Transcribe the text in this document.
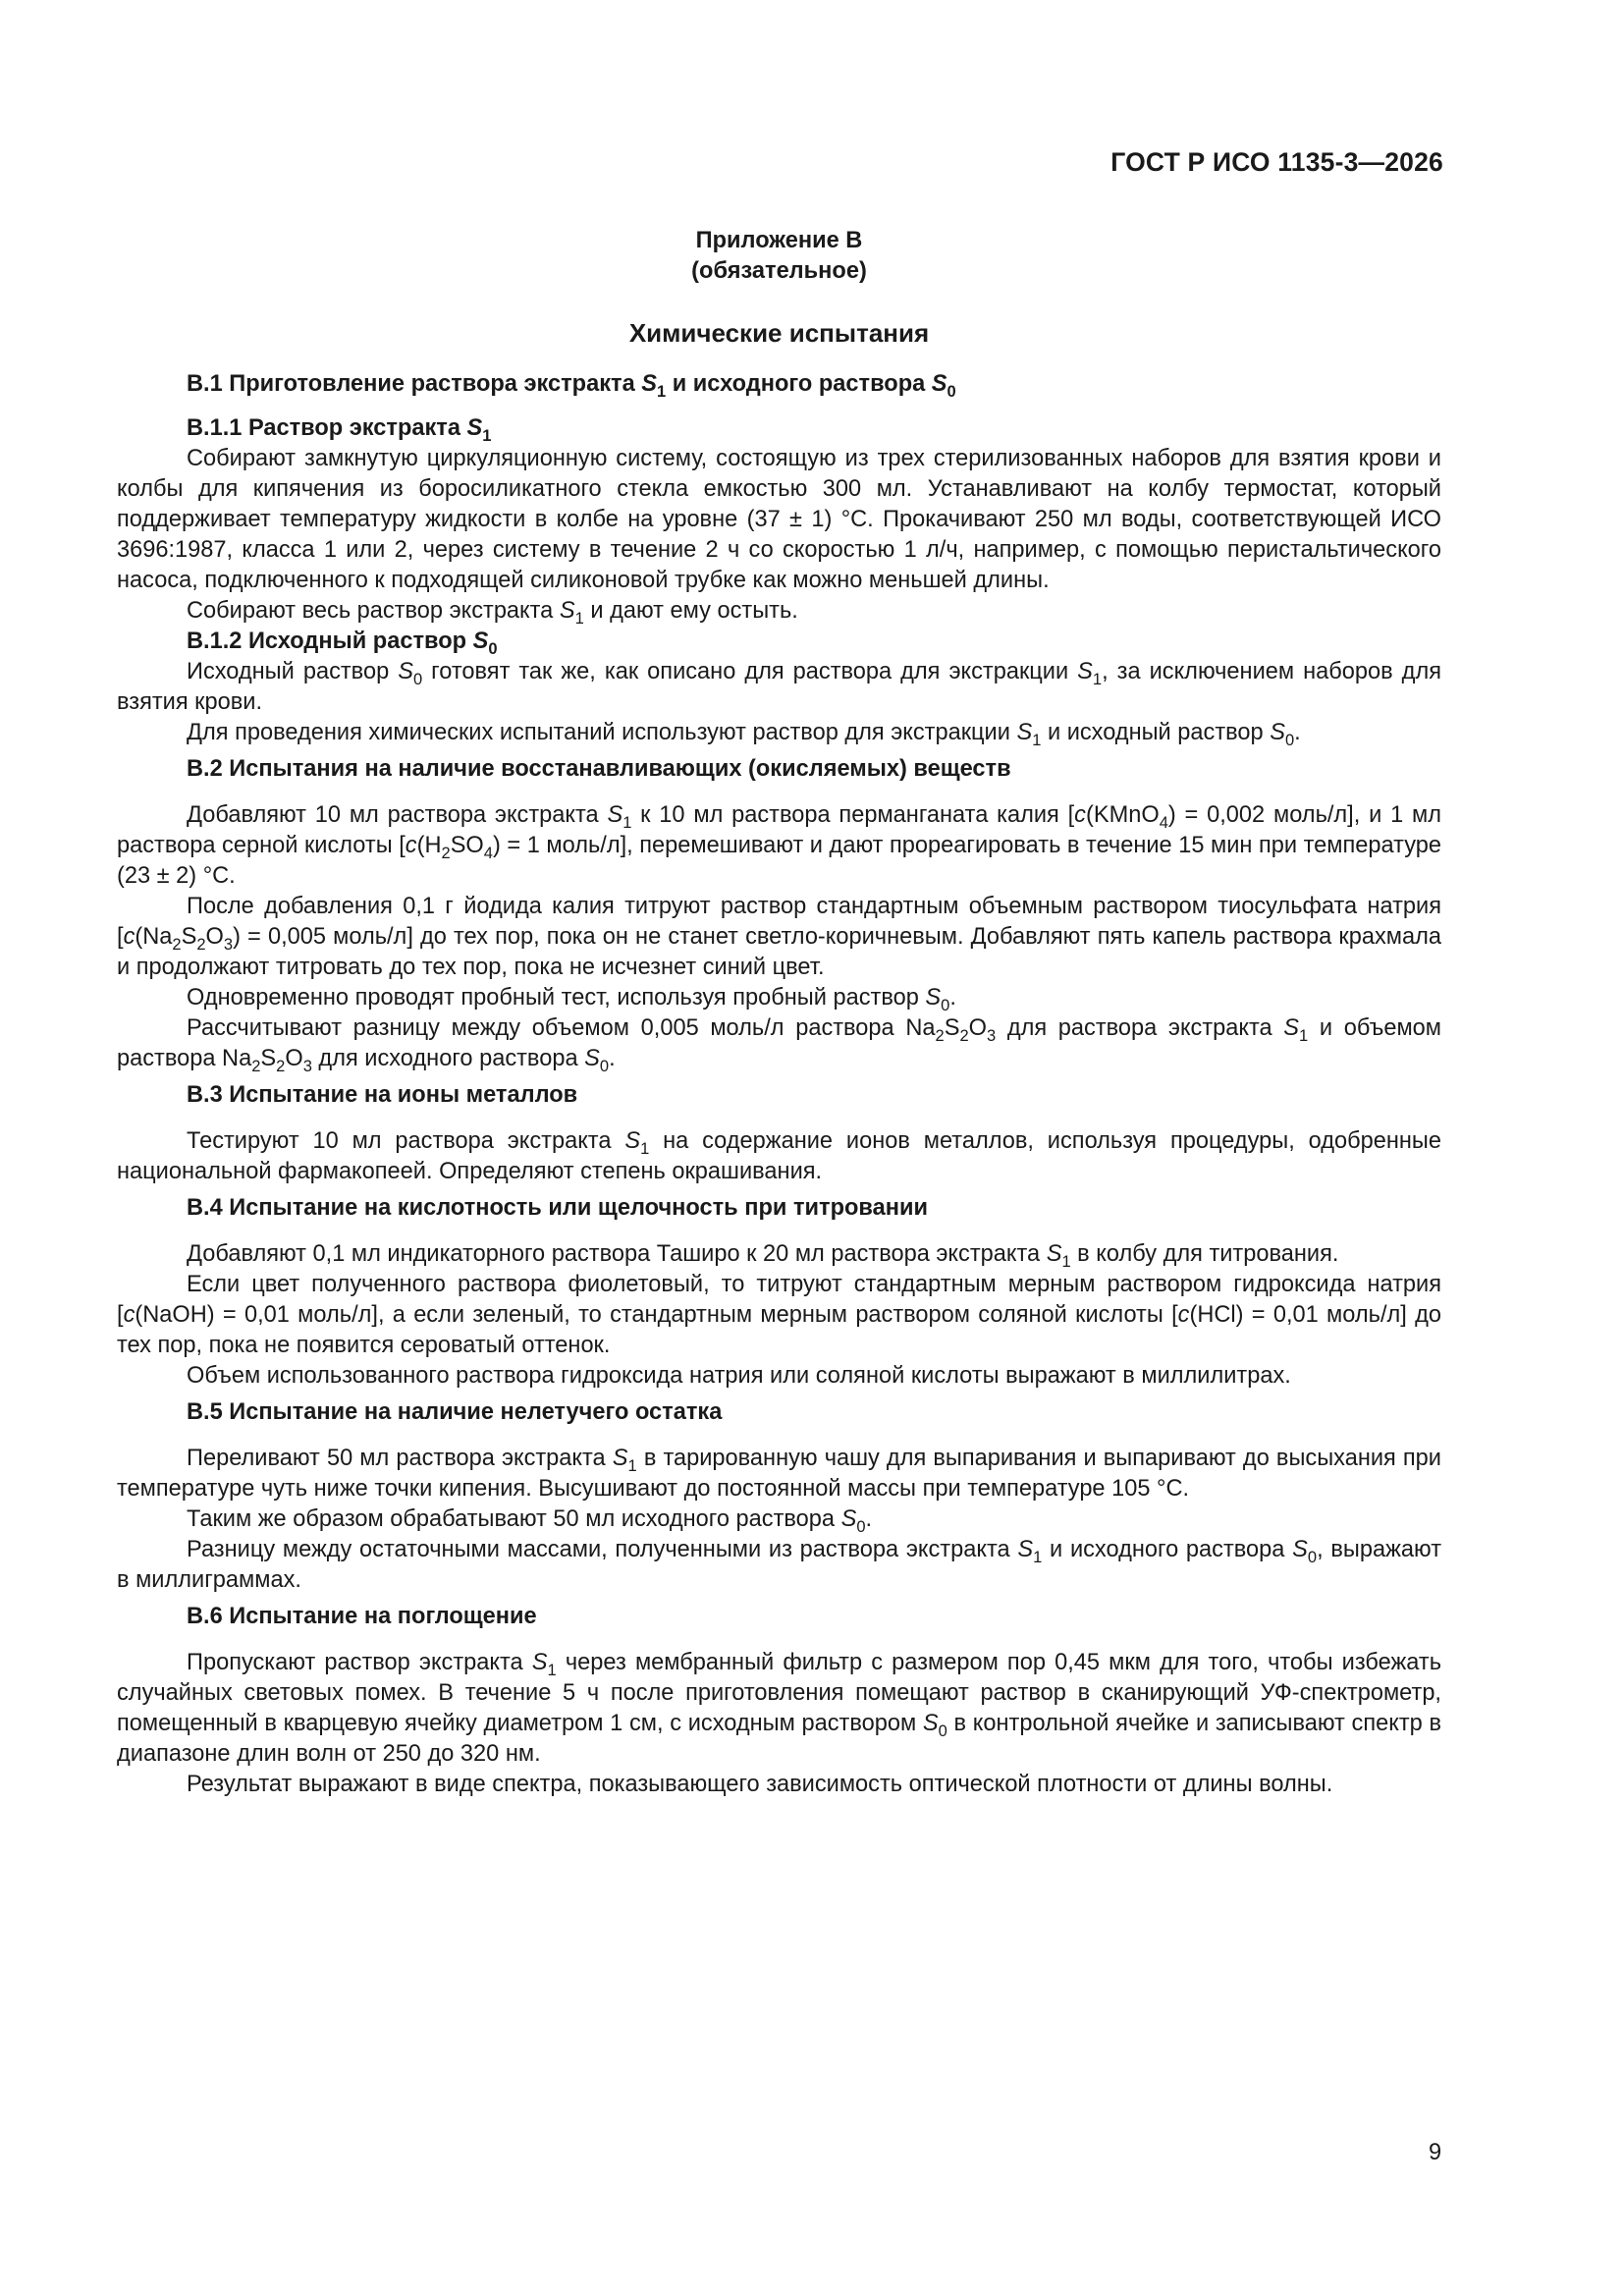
ГОСТ Р ИСО 1135-3—2026
Приложение В
(обязательное)
Химические испытания
В.1 Приготовление раствора экстракта $S_1$ и исходного раствора $S_0$
В.1.1 Раствор экстракта $S_1$

Собирают замкнутую циркуляционную систему, состоящую из трех стерилизованных наборов для взятия крови и колбы для кипячения из боросиликатного стекла емкостью 300 мл. Устанавливают на колбу термостат, который поддерживает температуру жидкости в колбе на уровне (37 ± 1) °С. Прокачивают 250 мл воды, соответствующей ИСО 3696:1987, класса 1 или 2, через систему в течение 2 ч со скоростью 1 л/ч, например, с помощью перистальтического насоса, подключенного к подходящей силиконовой трубке как можно меньшей длины.

Собирают весь раствор экстракта $S_1$ и дают ему остыть.

В.1.2 Исходный раствор $S_0$

Исходный раствор $S_0$ готовят так же, как описано для раствора для экстракции $S_1$, за исключением наборов для взятия крови.

Для проведения химических испытаний используют раствор для экстракции $S_1$ и исходный раствор $S_0$.

В.2 Испытания на наличие восстанавливающих (окисляемых) веществ

Добавляют 10 мл раствора экстракта $S_1$ к 10 мл раствора перманганата калия [c(KMnO$_4$) = 0,002 моль/л], и 1 мл раствора серной кислоты [$c(H_2SO_4) = 1$ моль/л], перемешивают и дают прореагировать в течение 15 мин при температуре (23 ± 2) °С.

После добавления 0,1 г йодида калия титруют раствор стандартным объемным раствором тиосульфата натрия [$c(Na_2S_2O_3) = 0,005$ моль/л] до тех пор, пока он не станет светло-коричневым. Добавляют пять капель раствора крахмала и продолжают титровать до тех пор, пока не исчезнет синий цвет.

Одновременно проводят пробный тест, используя пробный раствор $S_0$.

Рассчитывают разницу между объемом 0,005 моль/л раствора $Na_2S_2O_3$ для раствора экстракта $S_1$ и объемом раствора $Na_2S_2O_3$ для исходного раствора $S_0$.

В.3 Испытание на ионы металлов

Тестируют 10 мл раствора экстракта $S_1$ на содержание ионов металлов, используя процедуры, одобренные национальной фармакопеей. Определяют степень окрашивания.

В.4 Испытание на кислотность или щелочность при титровании

Добавляют 0,1 мл индикаторного раствора Таширо к 20 мл раствора экстракта $S_1$ в колбу для титрования.

Если цвет полученного раствора фиолетовый, то титруют стандартным мерным раствором гидроксида натрия [c(NaOH) = 0,01 моль/л], а если зеленый, то стандартным мерным раствором соляной кислоты [c(HCl) = 0,01 моль/л] до тех пор, пока не появится сероватый оттенок.

Объем использованного раствора гидроксида натрия или соляной кислоты выражают в миллилитрах.

В.5 Испытание на наличие нелетучего остатка

Переливают 50 мл раствора экстракта $S_1$ в тарированную чашу для выпаривания и выпаривают до высыхания при температуре чуть ниже точки кипения. Высушивают до постоянной массы при температуре 105 °С.

Таким же образом обрабатывают 50 мл исходного раствора $S_0$.

Разницу между остаточными массами, полученными из раствора экстракта $S_1$ и исходного раствора $S_0$, выражают в миллиграммах.

В.6 Испытание на поглощение

Пропускают раствор экстракта $S_1$ через мембранный фильтр с размером пор 0,45 мкм для того, чтобы избежать случайных световых помех. В течение 5 ч после приготовления помещают раствор в сканирующий УФ-спектрометр, помещенный в кварцевую ячейку диаметром 1 см, с исходным раствором $S_0$ в контрольной ячейке и записывают спектр в диапазоне длин волн от 250 до 320 нм.

Результат выражают в виде спектра, показывающего зависимость оптической плотности от длины волны.

9
